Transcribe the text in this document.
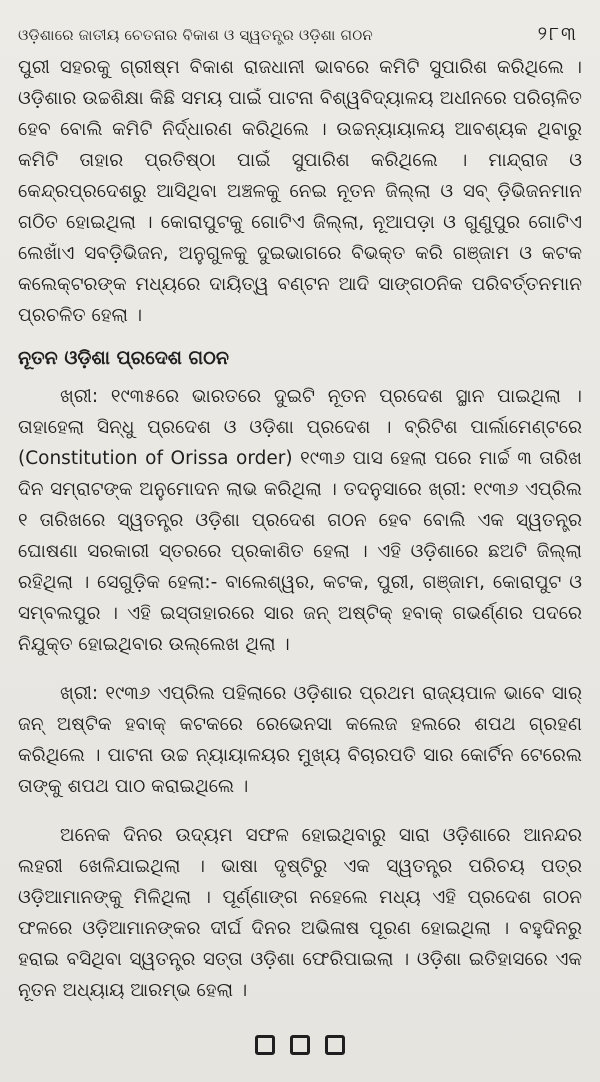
ଓଡ଼ିଶାରେ ଜାତୀୟ ଚେତନାର ବିକାଶ ଓ ସ୍ୱତନ୍ତ୍ର ଓଡ଼ିଶା ଗଠନ	୨୮୩

ପୁରୀ ସହରକୁ ଗ୍ରୀଷ୍ମ ବିକାଶ ରାଜଧାନୀ ଭାବରେ କମିଟି ସୁପାରିଶ କରିଥିଲେ । ଓଡ଼ିଶାର ଉଚ୍ଚଶିକ୍ଷା କିଛି ସମୟ ପାଇଁ ପାଟନା ବିଶ୍ୱବିଦ୍ୟାଳୟ ଅଧୀନରେ ପରିଚାଳିତ ହେବ ବୋଲି କମିଟି ନିର୍ଦ୍ଧାରଣ କରିଥିଲେ । ଉଚ୍ଚନ୍ୟାୟାଳୟ ଆବଶ୍ୟକ ଥିବାରୁ କମିଟି ତାହାର ପ୍ରତିଷ୍ଠା ପାଇଁ ସୁପାରିଶ କରିଥିଲେ । ମାନ୍ଦ୍ରାଜ ଓ କେନ୍ଦ୍ରପ୍ରଦେଶରୁ ଆସିଥିବା ଅଞ୍ଚଳକୁ ନେଇ ନୂତନ ଜିଲ୍ଲା ଓ ସବ୍ ଡ଼ିଭିଜନମାନ ଗଠିତ ହୋଇଥିଲା । କୋରାପୁଟକୁ ଗୋଟିଏ ଜିଲ୍ଲା, ନୂଆପଡ଼ା ଓ ଗୁଣୁପୁର ଗୋଟିଏ ଲେଖାଁଏ ସବଡ଼ିଭିଜନ, ଅନୁଗୁଳକୁ ଦୁଇଭାଗରେ ବିଭକ୍ତ କରି ଗଞ୍ଜାମ ଓ କଟକ କଲେକ୍ଟରଙ୍କ ମଧ୍ୟରେ ଦାୟିତ୍ୱ ବଣ୍ଟନ ଆଦି ସାଙ୍ଗଠନିକ ପରିବର୍ତ୍ତନମାନ ପ୍ରଚଳିତ ହେଲା ।

ନୂତନ ଓଡ଼ିଶା ପ୍ରଦେଶ ଗଠନ

ଖ୍ରୀ: ୧୯୩୫ରେ ଭାରତରେ ଦୁଇଟି ନୂତନ ପ୍ରଦେଶ ସ୍ଥାନ ପାଇଥିଲା । ତାହାହେଲା ସିନ୍ଧୁ ପ୍ରଦେଶ ଓ ଓଡ଼ିଶା ପ୍ରଦେଶ । ବ୍ରିଟିଶ ପାର୍ଲାମେଣ୍ଟରେ (Constitution of Orissa order) ୧୯୩୬ ପାସ ହେଲା ପରେ ମାର୍ଚ୍ଚ ୩ ତାରିଖ ଦିନ ସମ୍ରାଟଙ୍କ ଅନୁମୋଦନ ଲାଭ କରିଥିଲା । ତଦନୁସାରେ ଖ୍ରୀ: ୧୯୩୬ ଏପ୍ରିଲ ୧ ତାରିଖରେ ସ୍ୱତନ୍ତ୍ର ଓଡ଼ିଶା ପ୍ରଦେଶ ଗଠନ ହେବ ବୋଲି ଏକ ସ୍ୱତନ୍ତ୍ର ଘୋଷଣା ସରକାରୀ ସ୍ତରରେ ପ୍ରକାଶିତ ହେଲା । ଏହି ଓଡ଼ିଶାରେ ଛଅଟି ଜିଲ୍ଲା ରହିଥିଲା । ସେଗୁଡ଼ିକ ହେଲା:- ବାଲେଶ୍ୱର, କଟକ, ପୁରୀ, ଗଞ୍ଜାମ, କୋରାପୁଟ ଓ ସମ୍ବଲପୁର । ଏହି ଇସ୍ତାହାରରେ ସାର ଜନ୍ ଅଷ୍ଟିକ୍ ହବାକ୍ ଗଭର୍ଣ୍ଣର ପଦରେ ନିଯୁକ୍ତ ହୋଇଥିବାର ଉଲ୍ଲେଖ ଥିଲା ।

ଖ୍ରୀ: ୧୯୩୬ ଏପ୍ରିଲ ପହିଲାରେ ଓଡ଼ିଶାର ପ୍ରଥମ ରାଜ୍ୟପାଳ ଭାବେ ସାର୍ ଜନ୍ ଅଷ୍ଟିକ ହବାକ୍ କଟକରେ ରେଭେନସା କଲେଜ ହଲରେ ଶପଥ ଗ୍ରହଣ କରିଥିଲେ । ପାଟନା ଉଚ୍ଚ ନ୍ୟାୟାଳୟର ମୁଖ୍ୟ ବିଚାରପତି ସାର କୋର୍ଟିନ ଟେରେଲ ତାଙ୍କୁ ଶପଥ ପାଠ କରାଇଥିଲେ ।

ଅନେକ ଦିନର ଉଦ୍ୟମ ସଫଳ ହୋଇଥିବାରୁ ସାରା ଓଡ଼ିଶାରେ ଆନନ୍ଦର ଲହରୀ ଖେଳିଯାଇଥିଲା । ଭାଷା ଦୃଷ୍ଟିରୁ ଏକ ସ୍ୱତନ୍ତ୍ର ପରିଚୟ ପତ୍ର ଓଡ଼ିଆମାନଙ୍କୁ ମିଳିଥିଲା । ପୂର୍ଣ୍ଣାଙ୍ଗ ନହେଲେ ମଧ୍ୟ ଏହି ପ୍ରଦେଶ ଗଠନ ଫଳରେ ଓଡ଼ିଆମାନଙ୍କର ଦୀର୍ଘ ଦିନର ଅଭିଳାଷ ପୂରଣ ହୋଇଥିଲା । ବହୁଦିନରୁ ହରାଇ ବସିଥିବା ସ୍ୱତନ୍ତ୍ର ସତ୍ତା ଓଡ଼ିଶା ଫେରିପାଇଲା । ଓଡ଼ିଶା ଇତିହାସରେ ଏକ ନୂତନ ଅଧ୍ୟାୟ ଆରମ୍ଭ ହେଲା ।
